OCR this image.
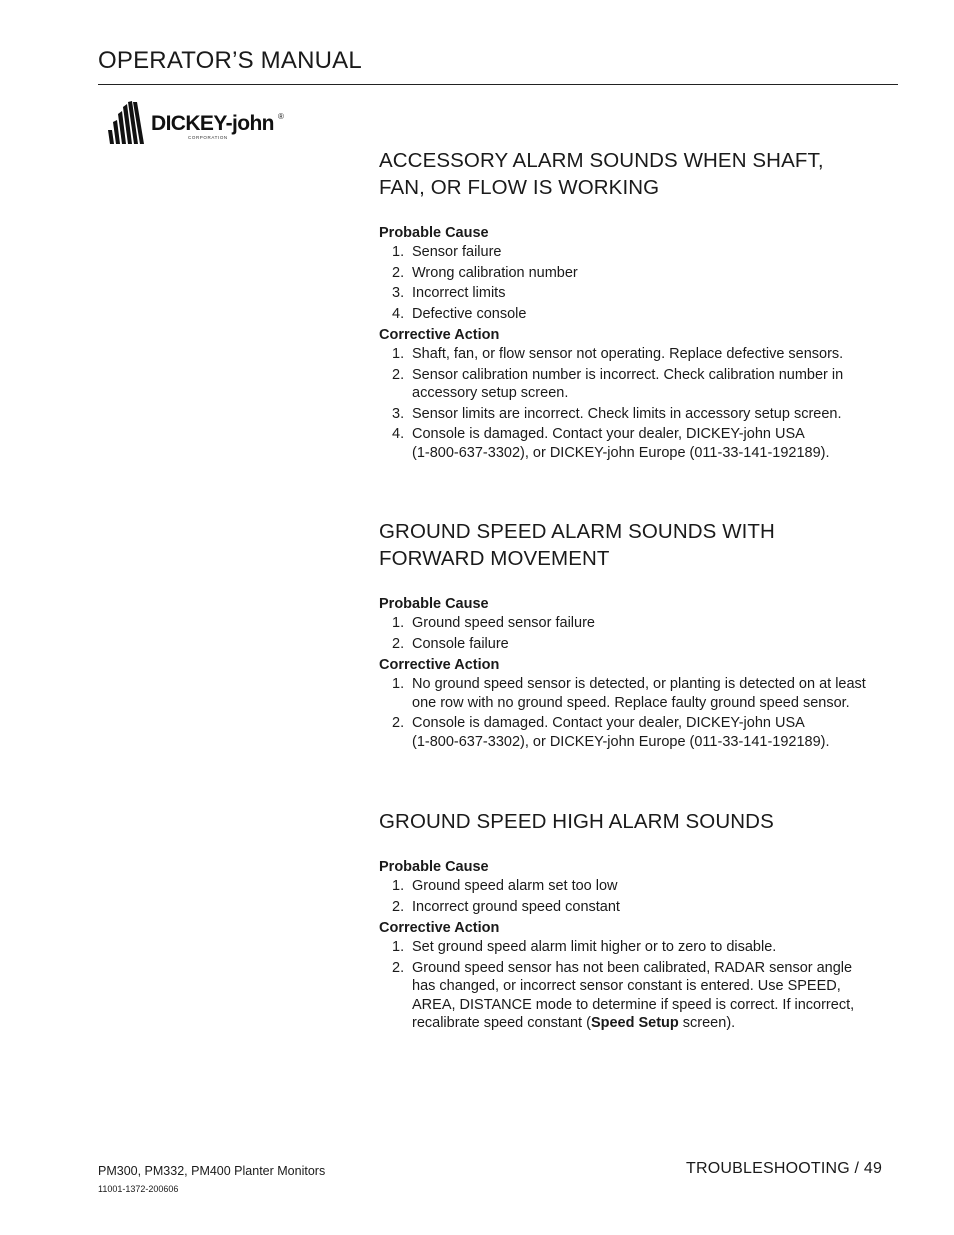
OPERATOR’S MANUAL
DICKEY-john ®
CORPORATION
ACCESSORY ALARM SOUNDS WHEN SHAFT,
FAN, OR FLOW IS WORKING

Probable Cause

1. Sensor failure
2. Wrong calibration number
3. Incorrect limits
4. Defective console

Corrective Action

1. Shaft, fan, or flow sensor not operating. Replace defective sensors.
2. Sensor calibration number is incorrect. Check calibration number in
accessory setup screen.
3. Sensor limits are incorrect. Check limits in accessory setup screen.
4. Console is damaged. Contact your dealer, DICKEY-john USA
(1-800-637-3302), or DICKEY-john Europe (011-33-141-192189).
GROUND SPEED ALARM SOUNDS WITH
FORWARD MOVEMENT

Probable Cause

1. Ground speed sensor failure
2. Console failure

Corrective Action

1. No ground speed sensor is detected, or planting is detected on at least
one row with no ground speed. Replace faulty ground speed sensor.
2. Console is damaged. Contact your dealer, DICKEY-john USA
(1-800-637-3302), or DICKEY-john Europe (011-33-141-192189).
GROUND SPEED HIGH ALARM SOUNDS

Probable Cause

1. Ground speed alarm set too low
2. Incorrect ground speed constant

Corrective Action

1. Set ground speed alarm limit higher or to zero to disable.
2. Ground speed sensor has not been calibrated, RADAR sensor angle
has changed, or incorrect sensor constant is entered. Use SPEED,
AREA, DISTANCE mode to determine if speed is correct. If incorrect,
recalibrate speed constant (Speed Setup screen).
PM300, PM332, PM400 Planter Monitors
11001-1372-200606
TROUBLESHOOTING / 49
